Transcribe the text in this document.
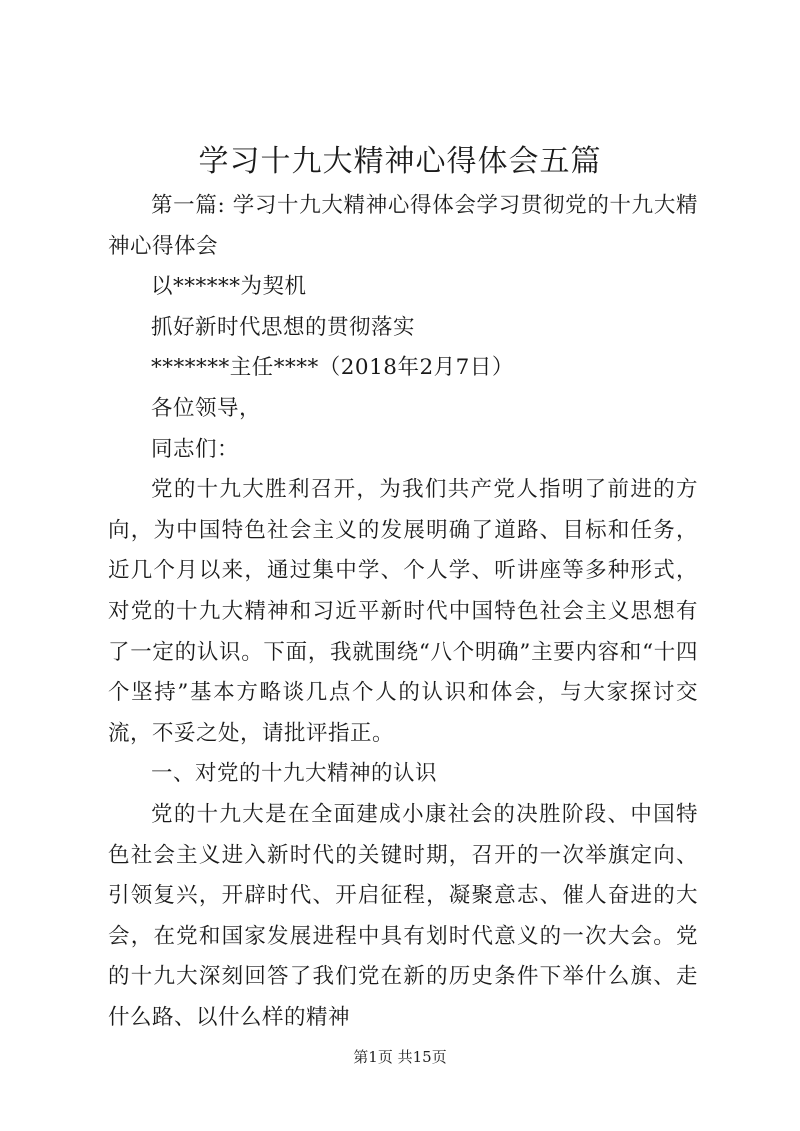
学习十九大精神心得体会五篇

第一篇: 学习十九大精神心得体会学习贯彻党的十九大精神心得体会

以******为契机

抓好新时代思想的贯彻落实

*******主任****（2018年2月7日）

各位领导，

同志们：

党的十九大胜利召开，为我们共产党人指明了前进的方向，为中国特色社会主义的发展明确了道路、目标和任务，近几个月以来，通过集中学、个人学、听讲座等多种形式，对党的十九大精神和习近平新时代中国特色社会主义思想有了一定的认识。下面，我就围绕“八个明确”主要内容和“十四个坚持”基本方略谈几点个人的认识和体会，与大家探讨交流，不妥之处，请批评指正。

一、对党的十九大精神的认识

党的十九大是在全面建成小康社会的决胜阶段、中国特色社会主义进入新时代的关键时期，召开的一次举旗定向、引领复兴，开辟时代、开启征程，凝聚意志、催人奋进的大会，在党和国家发展进程中具有划时代意义的一次大会。党的十九大深刻回答了我们党在新的历史条件下举什么旗、走什么路、以什么样的精神

第1页 共15页
